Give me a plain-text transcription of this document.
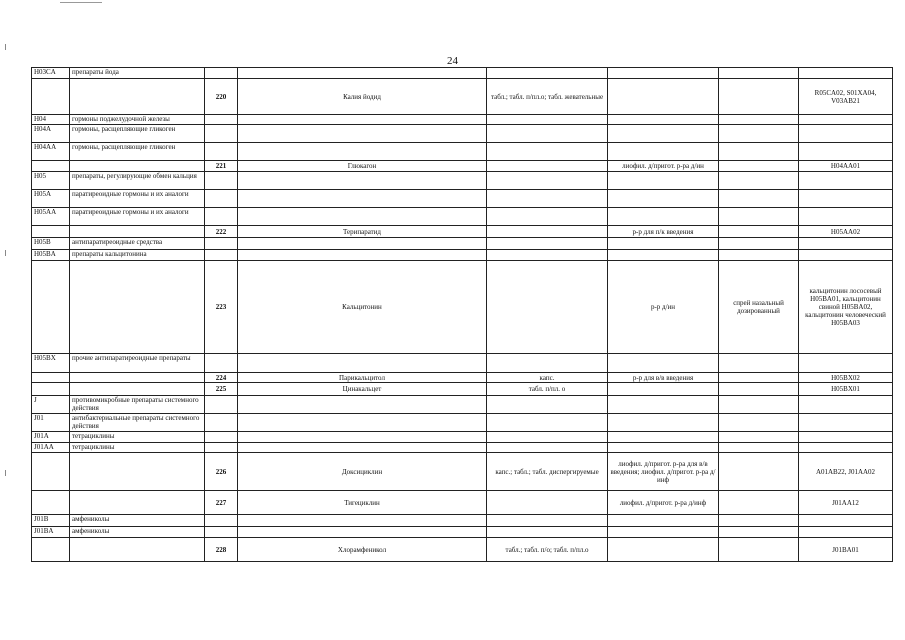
24
H03CA	препараты йода						
		220	Калия йодид	табл.; табл. п/пл.о; табл. жевательные			R05CA02, S01XA04, V03AB21
H04	гормоны поджелудочной железы						
H04A	гормоны, расщепляющие гликоген						
H04AA	гормоны, расщепляющие гликоген						
		221	Глюкагон		лиофил. д/пригот. р-ра д/ин		H04AA01
H05	препараты, регулирующие обмен кальция						
H05A	паратиреоидные гормоны и их аналоги						
H05AA	паратиреоидные гормоны и их аналоги						
		222	Терипаратид		р-р для п/к введения		H05AA02
H05B	антипаратиреоидные средства						
H05BA	препараты кальцитонина						
		223	Кальцитонин		р-р д/ин	спрей назальный дозированный	кальцитонин лососевый H05BA01, кальцитонин свиной H05BA02, кальцитонин человеческий H05BA03
H05BX	прочие антипаратиреоидные препараты						
		224	Парикальцитол	капс.	р-р для в/в введения		H05BX02
		225	Цинакальцет	табл. п/пл. о			H05BX01
J	противомикробные препараты системного действия						
J01	антибактериальные препараты системного действия						
J01A	тетрациклины						
J01AA	тетрациклины						
		226	Доксициклин	капс.; табл.; табл. диспергируемые	лиофил. д/пригот. р-ра для в/в введения; лиофил. д/пригот. р-ра д/инф		A01AB22, J01AA02
		227	Тигециклин		лиофил. д/пригот. р-ра д/инф		J01AA12
J01B	амфениколы						
J01BA	амфениколы						
		228	Хлорамфеникол	табл.; табл. п/о; табл. п/пл.о			J01BA01
